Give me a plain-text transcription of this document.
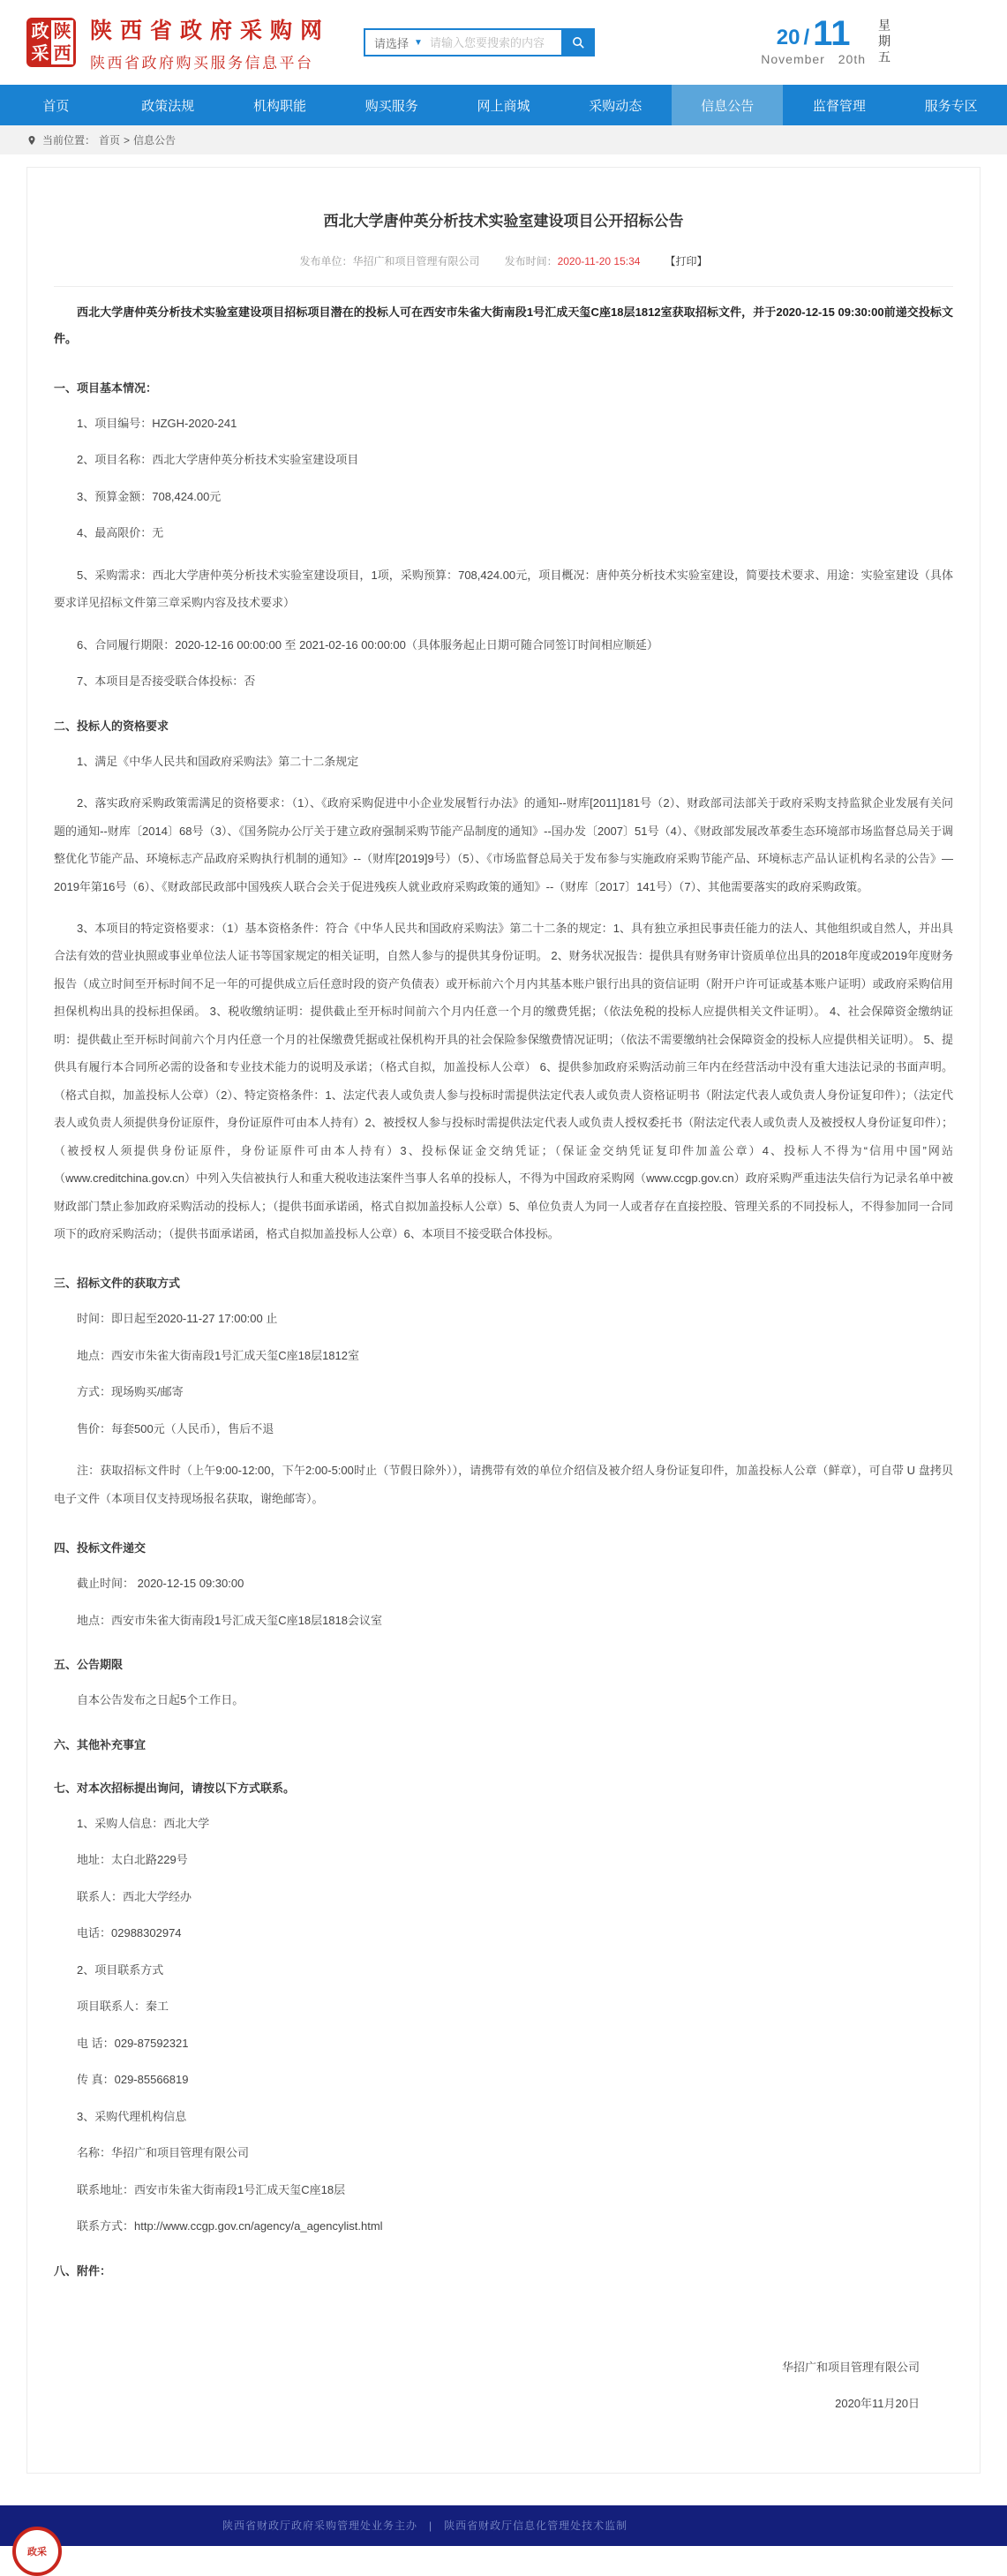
政 陕
采 西
陕西省政府采购网
陕西省政府购买服务信息平台
请选择 ▼
请输入您要搜索的内容	20 / 11
November 20th 星期五
首页	政策法规	机构职能	购买服务	网上商城	采购动态	信息公告	监督管理	服务专区
当前位置： 首页 > 信息公告
西北大学唐仲英分析技术实验室建设项目公开招标公告
发布单位：华招广和项目管理有限公司 发布时间：2020-11-20 15:34 【打印】

西北大学唐仲英分析技术实验室建设项目招标项目潜在的投标人可在西安市朱雀大街南段1号汇成天玺C座18层1812室获取招标文件，并于2020-12-15 09:30:00前递交投标文件。

一、项目基本情况：

1、项目编号：HZGH-2020-241

2、项目名称：西北大学唐仲英分析技术实验室建设项目

3、预算金额：708,424.00元

4、最高限价：无

5、采购需求：西北大学唐仲英分析技术实验室建设项目，1项，采购预算：708,424.00元，项目概况：唐仲英分析技术实验室建设，简要技术要求、用途：实验室建设（具体要求详见招标文件第三章采购内容及技术要求）

6、合同履行期限：2020-12-16 00:00:00 至 2021-02-16 00:00:00（具体服务起止日期可随合同签订时间相应顺延）

7、本项目是否接受联合体投标：否

二、投标人的资格要求

1、满足《中华人民共和国政府采购法》第二十二条规定

2、落实政府采购政策需满足的资格要求：（1）、《政府采购促进中小企业发展暂行办法》的通知--财库[2011]181号（2）、财政部司法部关于政府采购支持监狱企业发展有关问题的通知--财库〔2014〕68号（3）、《国务院办公厅关于建立政府强制采购节能产品制度的通知》--国办发〔2007〕51号（4）、《财政部发展改革委生态环境部市场监督总局关于调整优化节能产品、环境标志产品政府采购执行机制的通知》--（财库[2019]9号）（5）、《市场监督总局关于发布参与实施政府采购节能产品、环境标志产品认证机构名录的公告》—2019年第16号（6）、《财政部民政部中国残疾人联合会关于促进残疾人就业政府采购政策的通知》--（财库〔2017〕141号）（7）、其他需要落实的政府采购政策。

3、本项目的特定资格要求：（1）基本资格条件：符合《中华人民共和国政府采购法》第二十二条的规定：1、具有独立承担民事责任能力的法人、其他组织或自然人，并出具合法有效的营业执照或事业单位法人证书等国家规定的相关证明，自然人参与的提供其身份证明。 2、财务状况报告：提供具有财务审计资质单位出具的2018年度或2019年度财务报告（成立时间至开标时间不足一年的可提供成立后任意时段的资产负债表）或开标前六个月内其基本账户银行出具的资信证明（附开户许可证或基本账户证明）或政府采购信用担保机构出具的投标担保函。 3、税收缴纳证明：提供截止至开标时间前六个月内任意一个月的缴费凭据；（依法免税的投标人应提供相关文件证明）。 4、社会保障资金缴纳证明：提供截止至开标时间前六个月内任意一个月的社保缴费凭据或社保机构开具的社会保险参保缴费情况证明；（依法不需要缴纳社会保障资金的投标人应提供相关证明）。 5、提供具有履行本合同所必需的设备和专业技术能力的说明及承诺；（格式自拟，加盖投标人公章） 6、提供参加政府采购活动前三年内在经营活动中没有重大违法记录的书面声明。（格式自拟，加盖投标人公章）（2）、特定资格条件：1、法定代表人或负责人参与投标时需提供法定代表人或负责人资格证明书（附法定代表人或负责人身份证复印件）；（法定代表人或负责人须提供身份证原件，身份证原件可由本人持有）2、被授权人参与投标时需提供法定代表人或负责人授权委托书（附法定代表人或负责人及被授权人身份证复印件）；（被授权人须提供身份证原件，身份证原件可由本人持有）3、投标保证金交纳凭证；（保证金交纳凭证复印件加盖公章）4、投标人不得为“信用中国”网站（www.creditchina.gov.cn）中列入失信被执行人和重大税收违法案件当事人名单的投标人，不得为中国政府采购网（www.ccgp.gov.cn）政府采购严重违法失信行为记录名单中被财政部门禁止参加政府采购活动的投标人；（提供书面承诺函，格式自拟加盖投标人公章）5、单位负责人为同一人或者存在直接控股、管理关系的不同投标人，不得参加同一合同项下的政府采购活动；（提供书面承诺函，格式自拟加盖投标人公章）6、本项目不接受联合体投标。

三、招标文件的获取方式

时间：即日起至2020-11-27 17:00:00 止

地点：西安市朱雀大街南段1号汇成天玺C座18层1812室

方式：现场购买/邮寄

售价：每套500元（人民币），售后不退

注：获取招标文件时（上午9:00-12:00，下午2:00-5:00时止（节假日除外）），请携带有效的单位介绍信及被介绍人身份证复印件，加盖投标人公章（鲜章），可自带 U 盘拷贝电子文件（本项目仅支持现场报名获取，谢绝邮寄）。

四、投标文件递交

截止时间： 2020-12-15 09:30:00

地点：西安市朱雀大街南段1号汇成天玺C座18层1818会议室

五、公告期限

自本公告发布之日起5个工作日。

六、其他补充事宜

七、对本次招标提出询问，请按以下方式联系。

1、采购人信息：西北大学

地址：太白北路229号

联系人：西北大学经办

电话：02988302974

2、项目联系方式

项目联系人：秦工

电 话：029-87592321

传 真：029-85566819

3、采购代理机构信息

名称：华招广和项目管理有限公司

联系地址：西安市朱雀大街南段1号汇成天玺C座18层

联系方式：http://www.ccgp.gov.cn/agency/a_agencylist.html

八、附件：

华招广和项目管理有限公司
2020年11月20日
政采
陕西省财政厅政府采购管理处业务主办　|　陕西省财政厅信息化管理处技术监制
